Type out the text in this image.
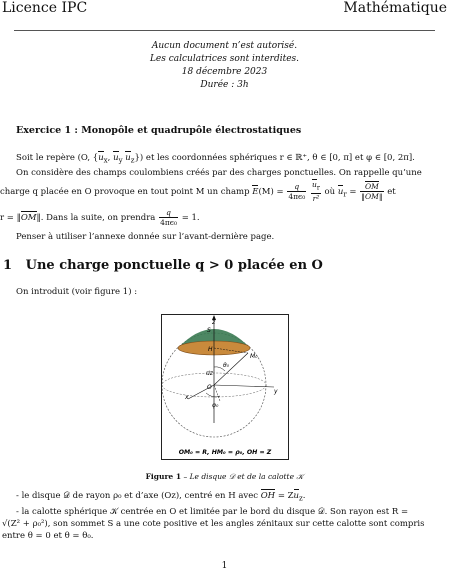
Licence IPC	Mathématique
Aucun document n’est autorisé.
Les calculatrices sont interdites.
18 décembre 2023
Durée : 3h
Exercice 1 : Monopôle et quadrupôle électrostatiques
Soit le repère (O, {$u_x$, $u_y$ $u_z$}) et les coordonnées sphériques r ∈ ℝ⁺, θ ∈ [0, π] et φ ∈ [0, 2π].
On considère des champs coulombiens créés par des charges ponctuelles. On rappelle qu’une
charge q placée en O provoque en tout point M un champ $E(M) = \frac{q}{\text{4πϵ₀}}$
$\frac{u_r}{\text{r²}}$ où $u_r = \frac{OM}{‖OM‖}$ et
r = ‖OM‖. Dans la suite, on prendra $\frac{q}{\text{4πϵ₀}} = 1$.
Penser à utiliser l’annexe donnée sur l’avant-dernière page.
1 Une charge ponctuelle q > 0 placée en O
On introduit (voir figure 1) :
z
S
H
M₀
θ₀
u⃗z
O
x
y
φ₀
OM₀ = R, HM₀ = ρ₀, OH = Z
Figure 1 – Le disque 𝒟 et de la calotte 𝒦
- le disque 𝒟 de rayon ρ₀ et d’axe (Oz), centré en H avec OH = $Zu_z$.
- la calotte sphérique 𝒦 centrée en O et limitée par le bord du disque 𝒟. Son rayon est R =
√(Z² + ρ₀²), son sommet S a une cote positive et les angles zénitaux sur cette calotte sont compris
entre θ = 0 et θ = θ₀.
1
